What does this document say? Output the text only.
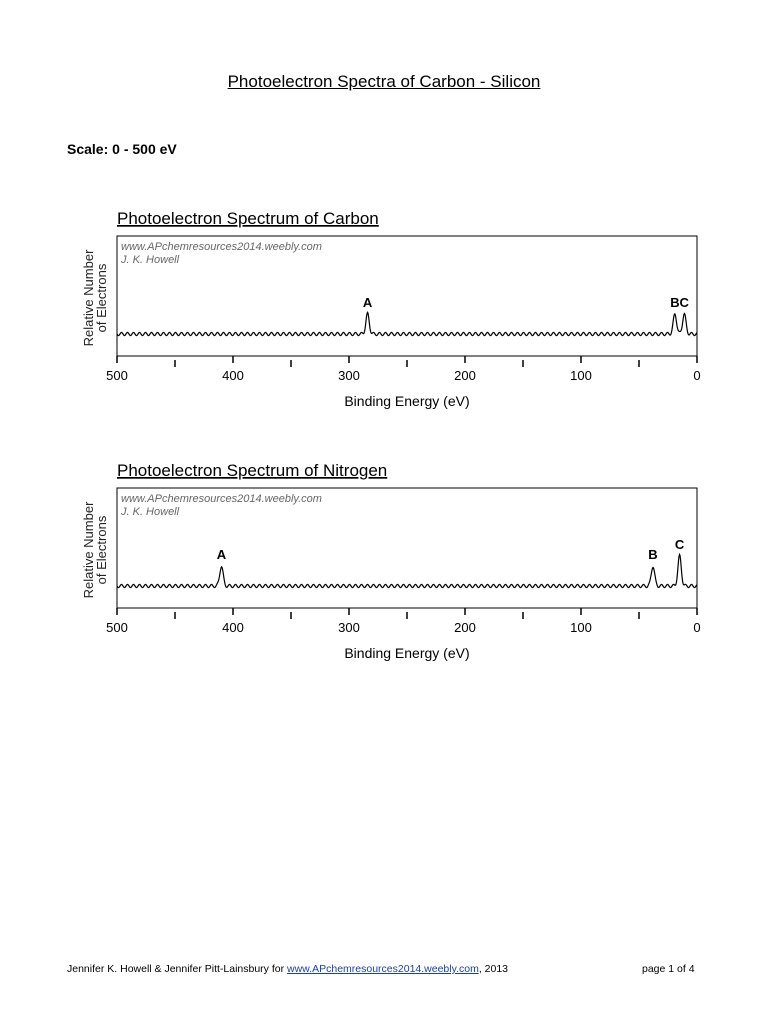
Photoelectron Spectra of Carbon - Silicon
Scale: 0 - 500 eV
Photoelectron Spectrum of Carbon
www.APchemresources2014.weebly.com
J. K. Howell
Relative Number
of Electrons	A	B C
500	400	300	200	100	0
Binding Energy (eV)
Photoelectron Spectrum of Nitrogen
www.APchemresources2014.weebly.com
J. K. Howell
Relative Number
of Electrons	A	B
C
500	400	300	200	100	0
Binding Energy (eV)
Jennifer K. Howell & Jennifer Pitt-Lainsbury for www.APchemresources2014.weebly.com, 2013	page 1 of 4
